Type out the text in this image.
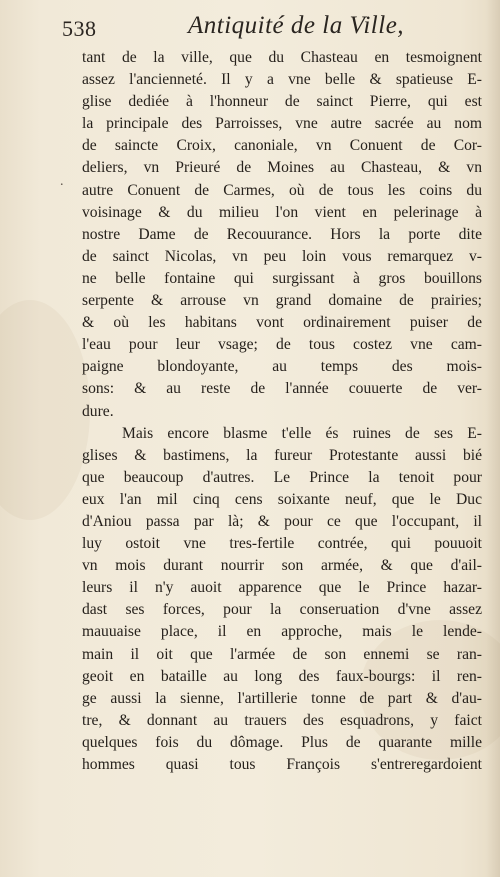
538	Antiquité de la Ville,
.
tant de la ville, que du Chasteau en tesmoignent
assez l'ancienneté. Il y a vne belle & spatieuse E-
glise dediée à l'honneur de sainct Pierre, qui est
la principale des Parroisses, vne autre sacrée au nom
de saincte Croix, canoniale, vn Conuent de Cor-
deliers, vn Prieuré de Moines au Chasteau, & vn
autre Conuent de Carmes, où de tous les coins du
voisinage & du milieu l'on vient en pelerinage à
nostre Dame de Recouurance. Hors la porte dite
de sainct Nicolas, vn peu loin vous remarquez v-
ne belle fontaine qui surgissant à gros bouillons
serpente & arrouse vn grand domaine de prairies;
& où les habitans vont ordinairement puiser de
l'eau pour leur vsage; de tous costez vne cam-
paigne blondoyante, au temps des mois-
sons: & au reste de l'année couuerte de ver-
dure.
Mais encore blasme t'elle és ruines de ses E-
glises & bastimens, la fureur Protestante aussi bié
que beaucoup d'autres. Le Prince la tenoit pour
eux l'an mil cinq cens soixante neuf, que le Duc
d'Aniou passa par là; & pour ce que l'occupant, il
luy ostoit vne tres-fertile contrée, qui pouuoit
vn mois durant nourrir son armée, & que d'ail-
leurs il n'y auoit apparence que le Prince hazar-
dast ses forces, pour la conseruation d'vne assez
mauuaise place, il en approche, mais le lende-
main il oit que l'armée de son ennemi se ran-
geoit en bataille au long des faux-bourgs: il ren-
ge aussi la sienne, l'artillerie tonne de part & d'au-
tre, & donnant au trauers des esquadrons, y faict
quelques fois du dômage. Plus de quarante mille
hommes quasi tous François s'entreregardoient
